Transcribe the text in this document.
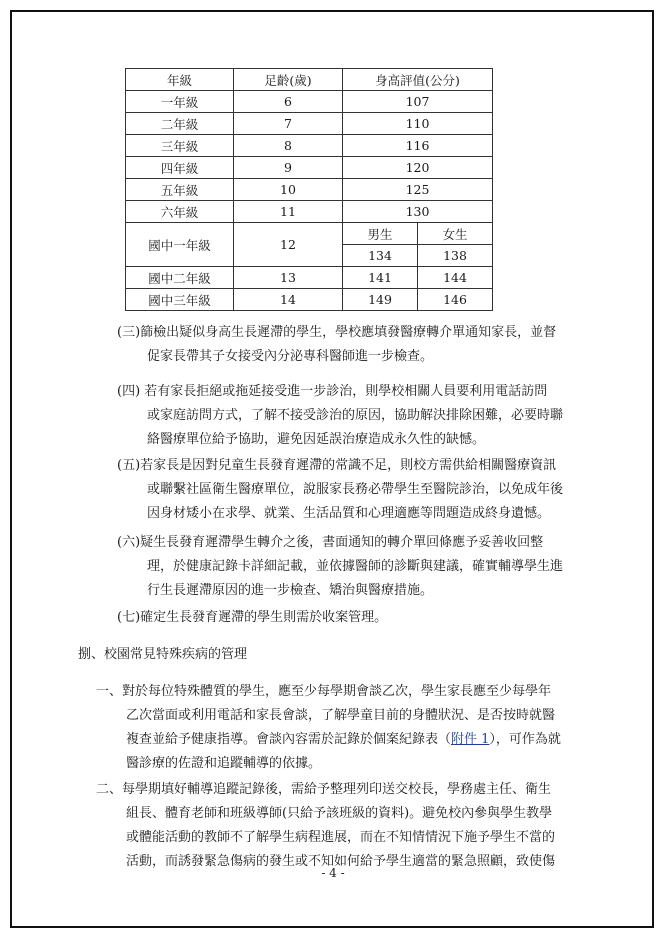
年級	足齡(歲)	身高評值(公分)	
一年級	6	107	
二年級	7	110	
三年級	8	116	
四年級	9	120	
五年級	10	125	
六年級	11	130	
國中一年級	12	男生	女生
		134	138
國中二年級	13	141	144
國中三年級	14	149	146
(三)篩檢出疑似身高生長遲滯的學生，學校應填發醫療轉介單通知家長，並督
促家長帶其子女接受內分泌專科醫師進一步檢查。
(四) 若有家長拒絕或拖延接受進一步診治，則學校相關人員要利用電話訪問
或家庭訪問方式，了解不接受診治的原因，協助解決排除困難，必要時聯
絡醫療單位給予協助，避免因延誤治療造成永久性的缺憾。
(五)若家長是因對兒童生長發育遲滯的常識不足，則校方需供給相關醫療資訊
或聯繫社區衛生醫療單位，說服家長務必帶學生至醫院診治，以免成年後
因身材矮小在求學、就業、生活品質和心理適應等問題造成終身遺憾。
(六)疑生長發育遲滯學生轉介之後，書面通知的轉介單回條應予妥善收回整
理，於健康記錄卡詳細記載，並依據醫師的診斷與建議，確實輔導學生進
行生長遲滯原因的進一步檢查、矯治與醫療措施。
(七)確定生長發育遲滯的學生則需於收案管理。
捌、校園常見特殊疾病的管理
一、對於每位特殊體質的學生，應至少每學期會談乙次，學生家長應至少每學年
乙次當面或利用電話和家長會談，了解學童目前的身體狀況、是否按時就醫
複查並給予健康指導。會談內容需於記錄於個案紀錄表（附件 1），可作為就
醫診療的佐證和追蹤輔導的依據。
二、每學期填好輔導追蹤記錄後，需給予整理列印送交校長，學務處主任、衛生
組長、體育老師和班級導師(只給予該班級的資料)。避免校內參與學生教學
或體能活動的教師不了解學生病程進展，而在不知情情況下施予學生不當的
活動，而誘發緊急傷病的發生或不知如何給予學生適當的緊急照顧，致使傷
- 4 -
